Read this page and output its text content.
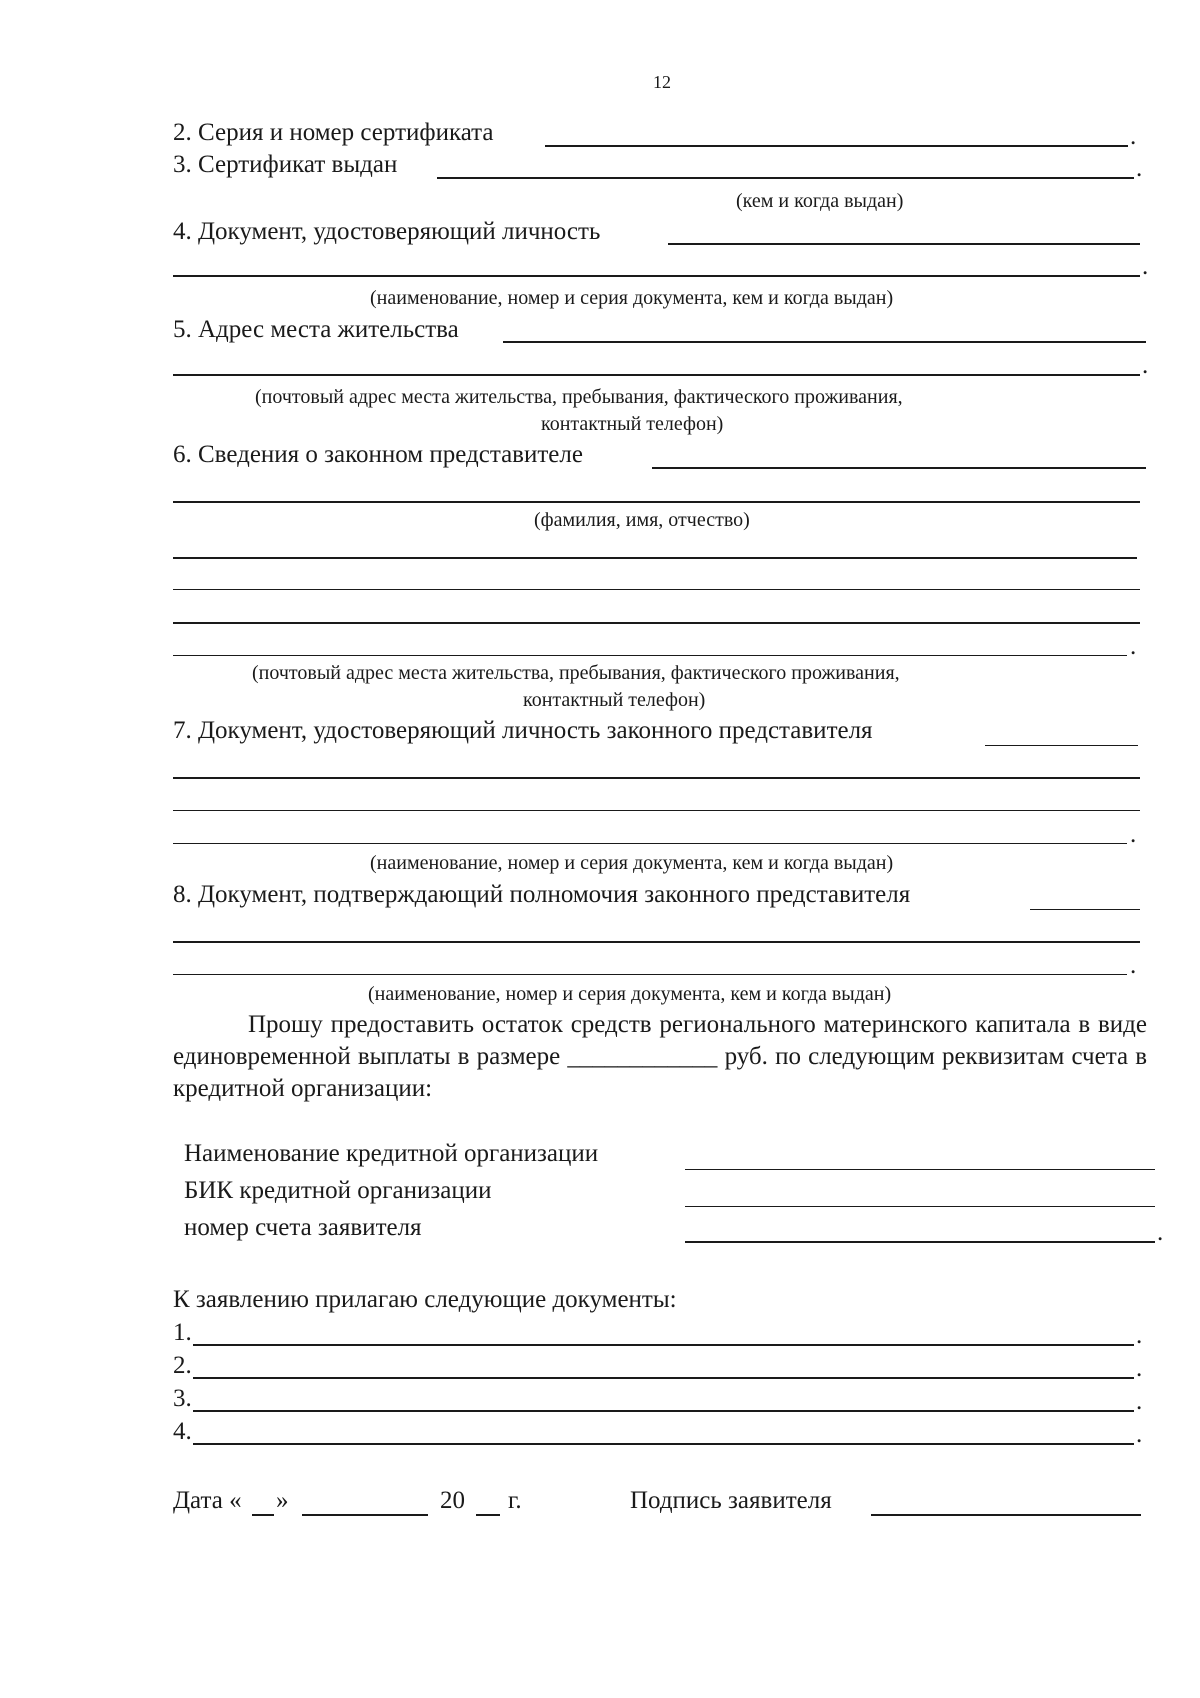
12
2. Серия и номер сертификата	.
3. Сертификат выдан	.
(кем и когда выдан)
4. Документ, удостоверяющий личность
.
(наименование, номер и серия документа, кем и когда выдан)
5. Адрес места жительства
.
(почтовый адрес места жительства, пребывания, фактического проживания,
контактный телефон)
6. Сведения о законном представителе
(фамилия, имя, отчество)
.
(почтовый адрес места жительства, пребывания, фактического проживания,
контактный телефон)
7. Документ, удостоверяющий личность законного представителя
.
(наименование, номер и серия документа, кем и когда выдан)
8. Документ, подтверждающий полномочия законного представителя
.
(наименование, номер и серия документа, кем и когда выдан)
Прошу предоставить остаток средств регионального материнского капитала в виде единовременной выплаты в размере ____________ руб. по следующим реквизитам счета в кредитной организации:
Наименование кредитной организации
БИК кредитной организации
номер счета заявителя	.
К заявлению прилагаю следующие документы:
1.	.
2.	.
3.	.
4.	.
Дата « »	20 г.	Подпись заявителя
